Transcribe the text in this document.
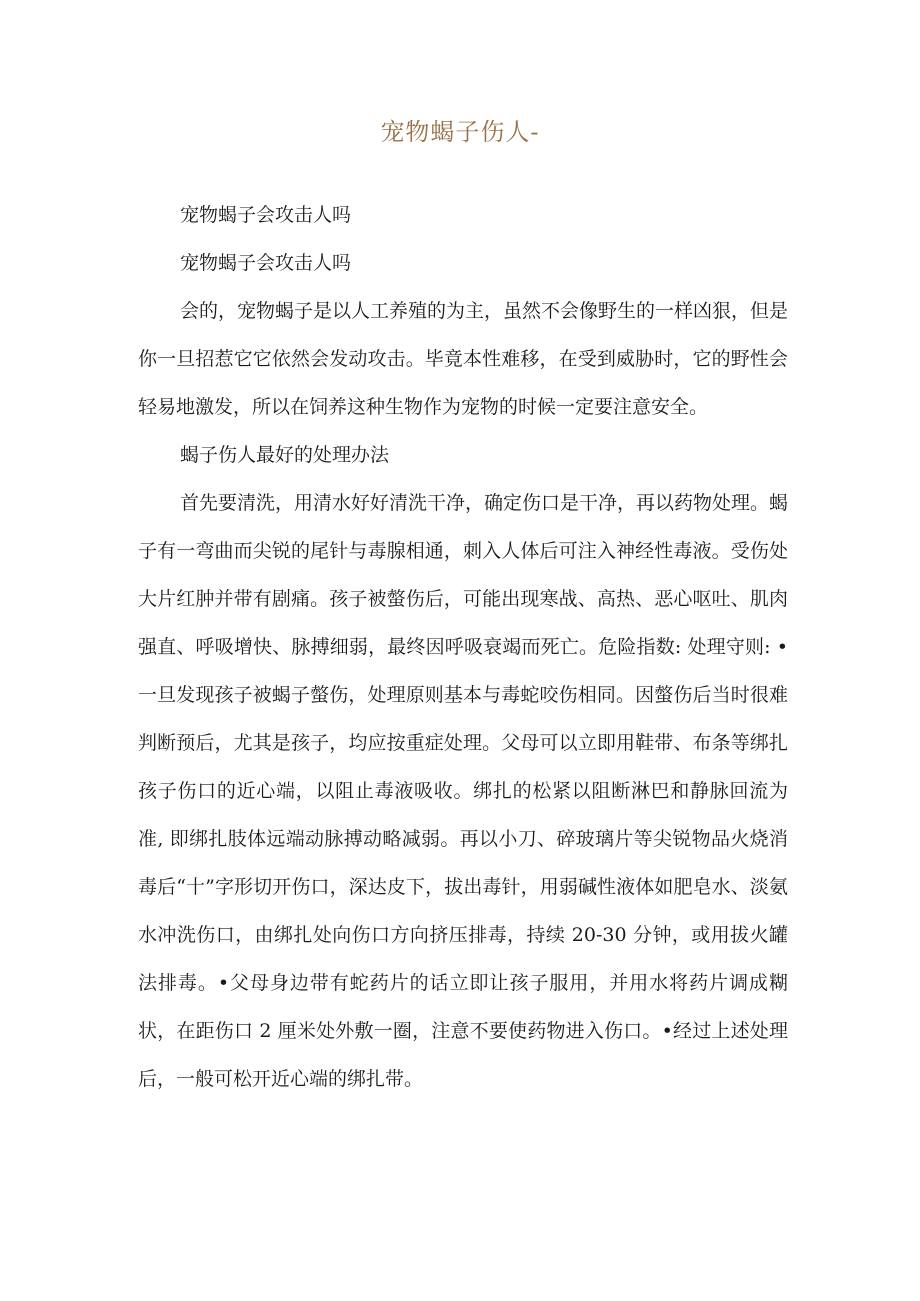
宠物蝎子伤人-

宠物蝎子会攻击人吗

宠物蝎子会攻击人吗

会的，宠物蝎子是以人工养殖的为主，虽然不会像野生的一样凶狠，但是你一旦招惹它它依然会发动攻击。毕竟本性难移，在受到威胁时，它的野性会轻易地激发，所以在饲养这种生物作为宠物的时候一定要注意安全。

蝎子伤人最好的处理办法

首先要清洗，用清水好好清洗干净，确定伤口是干净，再以药物处理。蝎子有一弯曲而尖锐的尾针与毒腺相通，刺入人体后可注入神经性毒液。受伤处大片红肿并带有剧痛。孩子被螫伤后，可能出现寒战、高热、恶心呕吐、肌肉强直、呼吸增快、脉搏细弱，最终因呼吸衰竭而死亡。危险指数: 处理守则: •一旦发现孩子被蝎子螫伤，处理原则基本与毒蛇咬伤相同。因螫伤后当时很难判断预后，尤其是孩子，均应按重症处理。父母可以立即用鞋带、布条等绑扎孩子伤口的近心端，以阻止毒液吸收。绑扎的松紧以阻断淋巴和静脉回流为准, 即绑扎肢体远端动脉搏动略减弱。再以小刀、碎玻璃片等尖锐物品火烧消毒后“十”字形切开伤口，深达皮下，拔出毒针，用弱碱性液体如肥皂水、淡氨水冲洗伤口，由绑扎处向伤口方向挤压排毒，持续 20-30 分钟，或用拔火罐法排毒。•父母身边带有蛇药片的话立即让孩子服用，并用水将药片调成糊状，在距伤口 2 厘米处外敷一圈，注意不要使药物进入伤口。•经过上述处理后，一般可松开近心端的绑扎带。
